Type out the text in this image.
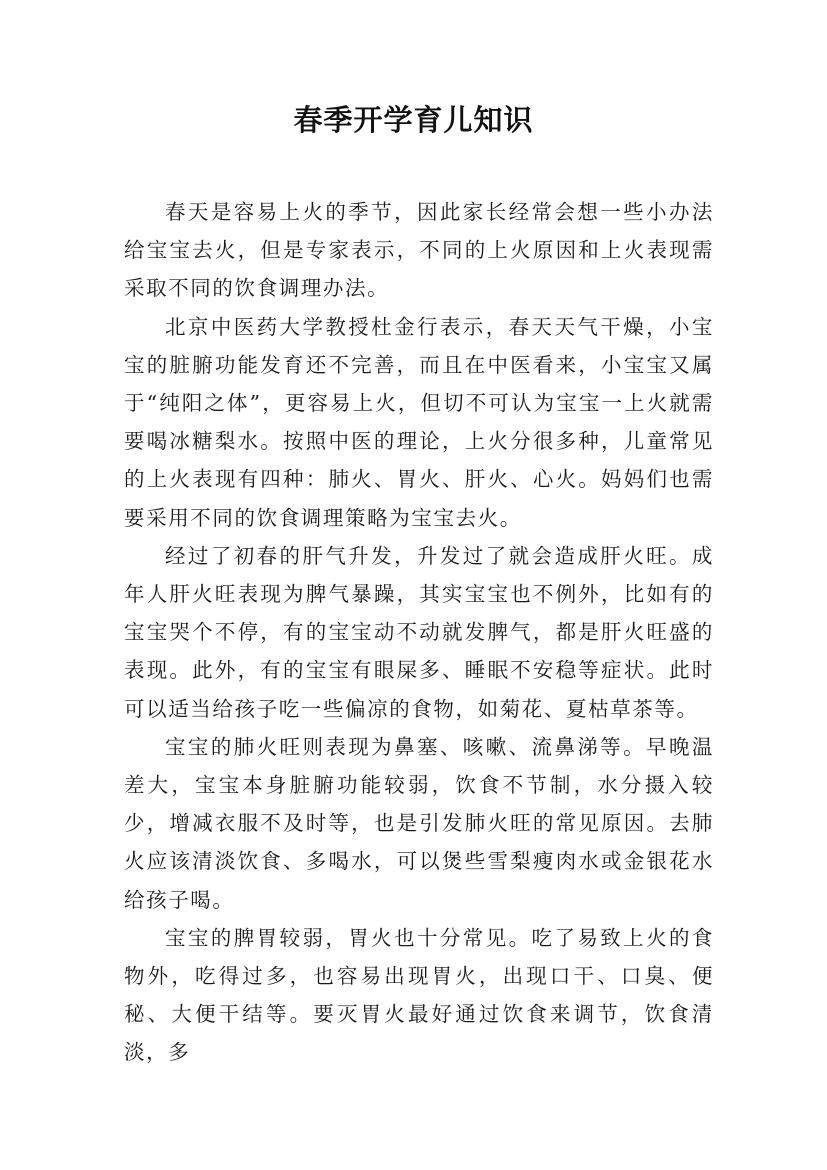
春季开学育儿知识

春天是容易上火的季节，因此家长经常会想一些小办法给宝宝去火，但是专家表示，不同的上火原因和上火表现需采取不同的饮食调理办法。

北京中医药大学教授杜金行表示，春天天气干燥，小宝宝的脏腑功能发育还不完善，而且在中医看来，小宝宝又属于“纯阳之体”，更容易上火，但切不可认为宝宝一上火就需要喝冰糖梨水。按照中医的理论，上火分很多种，儿童常见的上火表现有四种：肺火、胃火、肝火、心火。妈妈们也需要采用不同的饮食调理策略为宝宝去火。

经过了初春的肝气升发，升发过了就会造成肝火旺。成年人肝火旺表现为脾气暴躁，其实宝宝也不例外，比如有的宝宝哭个不停，有的宝宝动不动就发脾气，都是肝火旺盛的表现。此外，有的宝宝有眼屎多、睡眠不安稳等症状。此时可以适当给孩子吃一些偏凉的食物，如菊花、夏枯草茶等。

宝宝的肺火旺则表现为鼻塞、咳嗽、流鼻涕等。早晚温差大，宝宝本身脏腑功能较弱，饮食不节制，水分摄入较少，增减衣服不及时等，也是引发肺火旺的常见原因。去肺火应该清淡饮食、多喝水，可以煲些雪梨瘦肉水或金银花水给孩子喝。

宝宝的脾胃较弱，胃火也十分常见。吃了易致上火的食物外，吃得过多，也容易出现胃火，出现口干、口臭、便秘、大便干结等。要灭胃火最好通过饮食来调节，饮食清淡，多
